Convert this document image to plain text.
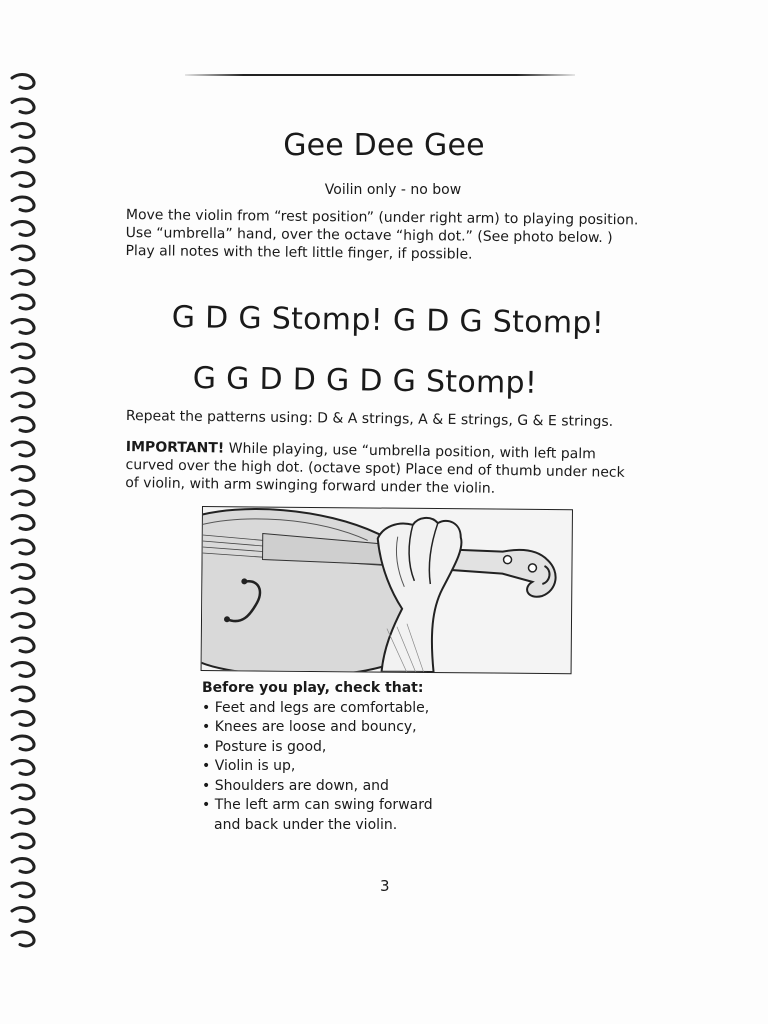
Gee Dee Gee
Voilin only - no bow
Move the violin from “rest position” (under right arm) to playing position.
Use “umbrella” hand, over the octave “high dot.” (See photo below. )
Play all notes with the left little finger, if possible.
G D G Stomp! G D G Stomp!
G G D D G D G Stomp!
Repeat the patterns using: D & A strings, A & E strings, G & E strings.
IMPORTANT! While playing, use “umbrella position, with left palm
curved over the high dot. (octave spot) Place end of thumb under neck
of violin, with arm swinging forward under the violin.
Before you play, check that:
• Feet and legs are comfortable,
• Knees are loose and bouncy,
• Posture is good,
• Violin is up,
• Shoulders are down, and
• The left arm can swing forward
and back under the violin.
3
